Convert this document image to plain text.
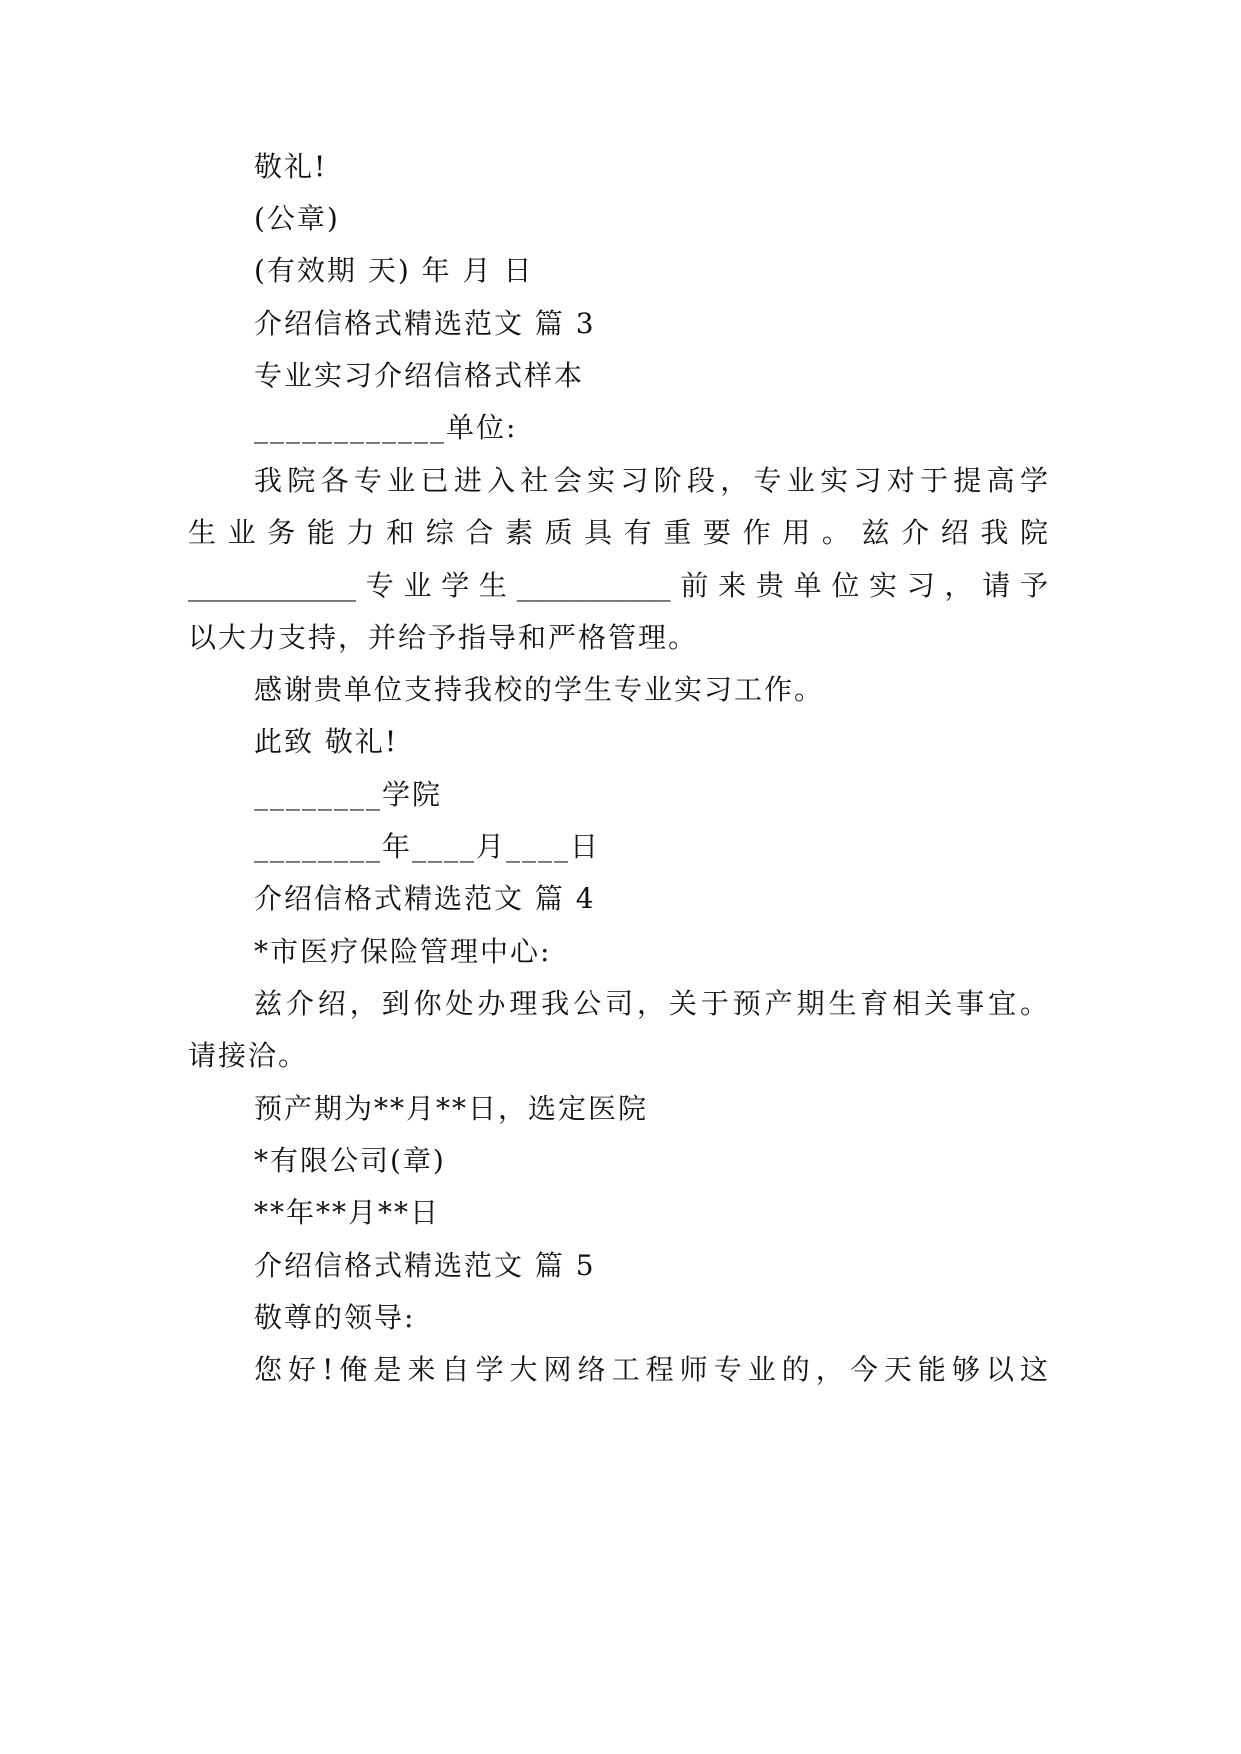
敬礼!
(公章)
(有效期 天) 年 月 日
介绍信格式精选范文 篇 3
专业实习介绍信格式样本
____________单位:
我院各专业已进入社会实习阶段，专业实习对于提高学
生业务能力和综合素质具有重要作用。兹介绍我院
____________专业学生___________前来贵单位实习，请予
以大力支持，并给予指导和严格管理。
感谢贵单位支持我校的学生专业实习工作。
此致 敬礼!
________学院
________年____月____日
介绍信格式精选范文 篇 4
*市医疗保险管理中心:
兹介绍，到你处办理我公司，关于预产期生育相关事宜。
请接洽。
预产期为**月**日，选定医院
*有限公司(章)
**年**月**日
介绍信格式精选范文 篇 5
敬尊的领导:
您好!俺是来自学大网络工程师专业的，今天能够以这
